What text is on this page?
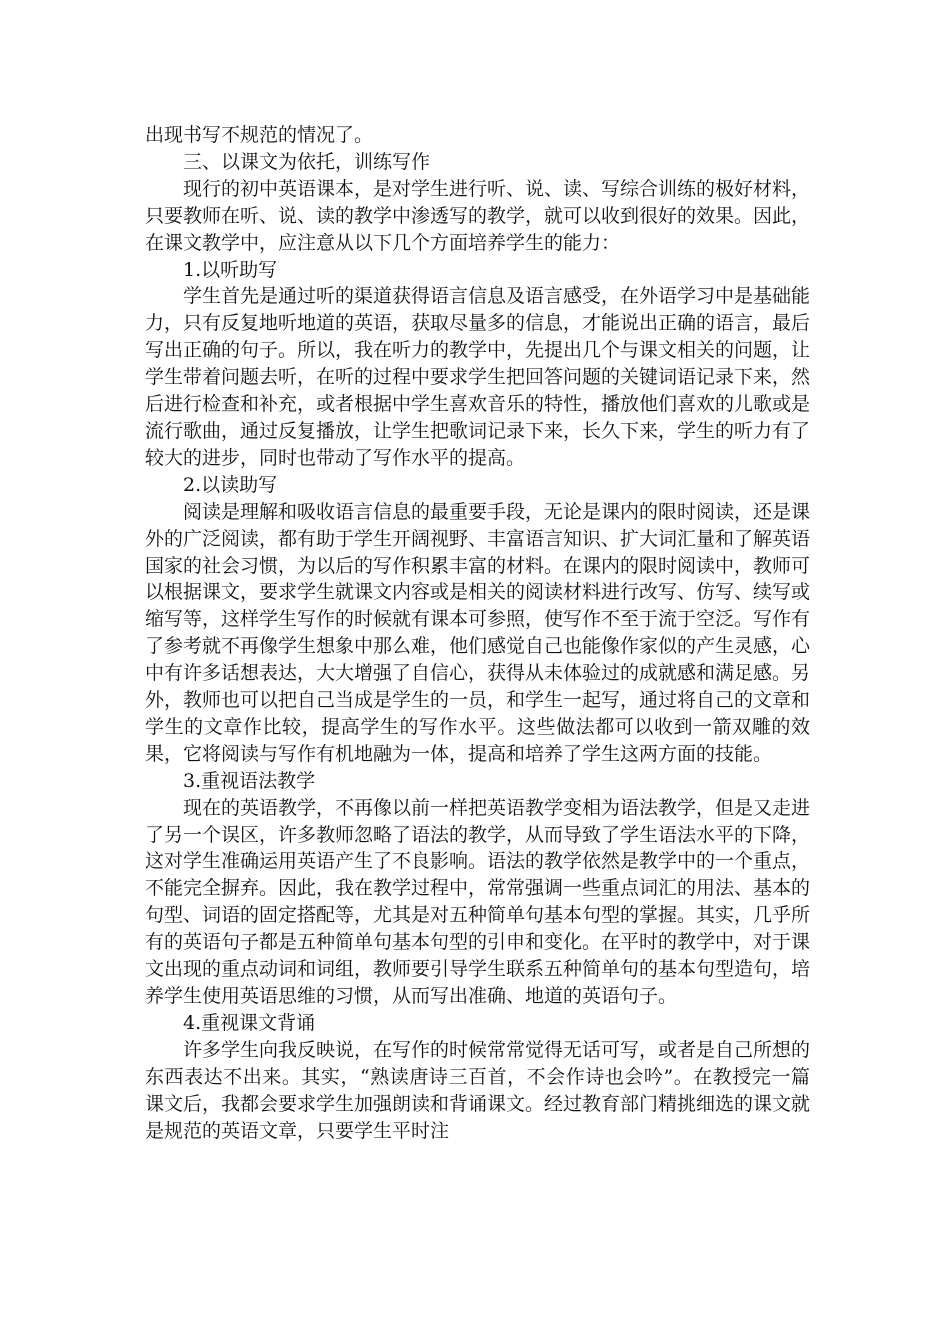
出现书写不规范的情况了。

三、以课文为依托，训练写作

现行的初中英语课本，是对学生进行听、说、读、写综合训练的极好材料，只要教师在听、说、读的教学中渗透写的教学，就可以收到很好的效果。因此，在课文教学中，应注意从以下几个方面培养学生的能力：

1.以听助写

学生首先是通过听的渠道获得语言信息及语言感受，在外语学习中是基础能力，只有反复地听地道的英语，获取尽量多的信息，才能说出正确的语言，最后写出正确的句子。所以，我在听力的教学中，先提出几个与课文相关的问题，让学生带着问题去听，在听的过程中要求学生把回答问题的关键词语记录下来，然后进行检查和补充，或者根据中学生喜欢音乐的特性，播放他们喜欢的儿歌或是流行歌曲，通过反复播放，让学生把歌词记录下来，长久下来，学生的听力有了较大的进步，同时也带动了写作水平的提高。

2.以读助写

阅读是理解和吸收语言信息的最重要手段，无论是课内的限时阅读，还是课外的广泛阅读，都有助于学生开阔视野、丰富语言知识、扩大词汇量和了解英语国家的社会习惯，为以后的写作积累丰富的材料。在课内的限时阅读中，教师可以根据课文，要求学生就课文内容或是相关的阅读材料进行改写、仿写、续写或缩写等，这样学生写作的时候就有课本可参照，使写作不至于流于空泛。写作有了参考就不再像学生想象中那么难，他们感觉自己也能像作家似的产生灵感，心中有许多话想表达，大大增强了自信心，获得从未体验过的成就感和满足感。另外，教师也可以把自己当成是学生的一员，和学生一起写，通过将自己的文章和学生的文章作比较，提高学生的写作水平。这些做法都可以收到一箭双雕的效果，它将阅读与写作有机地融为一体，提高和培养了学生这两方面的技能。

3.重视语法教学

现在的英语教学，不再像以前一样把英语教学变相为语法教学，但是又走进了另一个误区，许多教师忽略了语法的教学，从而导致了学生语法水平的下降，这对学生准确运用英语产生了不良影响。语法的教学依然是教学中的一个重点，不能完全摒弃。因此，我在教学过程中，常常强调一些重点词汇的用法、基本的句型、词语的固定搭配等，尤其是对五种简单句基本句型的掌握。其实，几乎所有的英语句子都是五种简单句基本句型的引申和变化。在平时的教学中，对于课文出现的重点动词和词组，教师要引导学生联系五种简单句的基本句型造句，培养学生使用英语思维的习惯，从而写出准确、地道的英语句子。

4.重视课文背诵

许多学生向我反映说，在写作的时候常常觉得无话可写，或者是自己所想的东西表达不出来。其实，“熟读唐诗三百首，不会作诗也会吟”。在教授完一篇课文后，我都会要求学生加强朗读和背诵课文。经过教育部门精挑细选的课文就是规范的英语文章，只要学生平时注
